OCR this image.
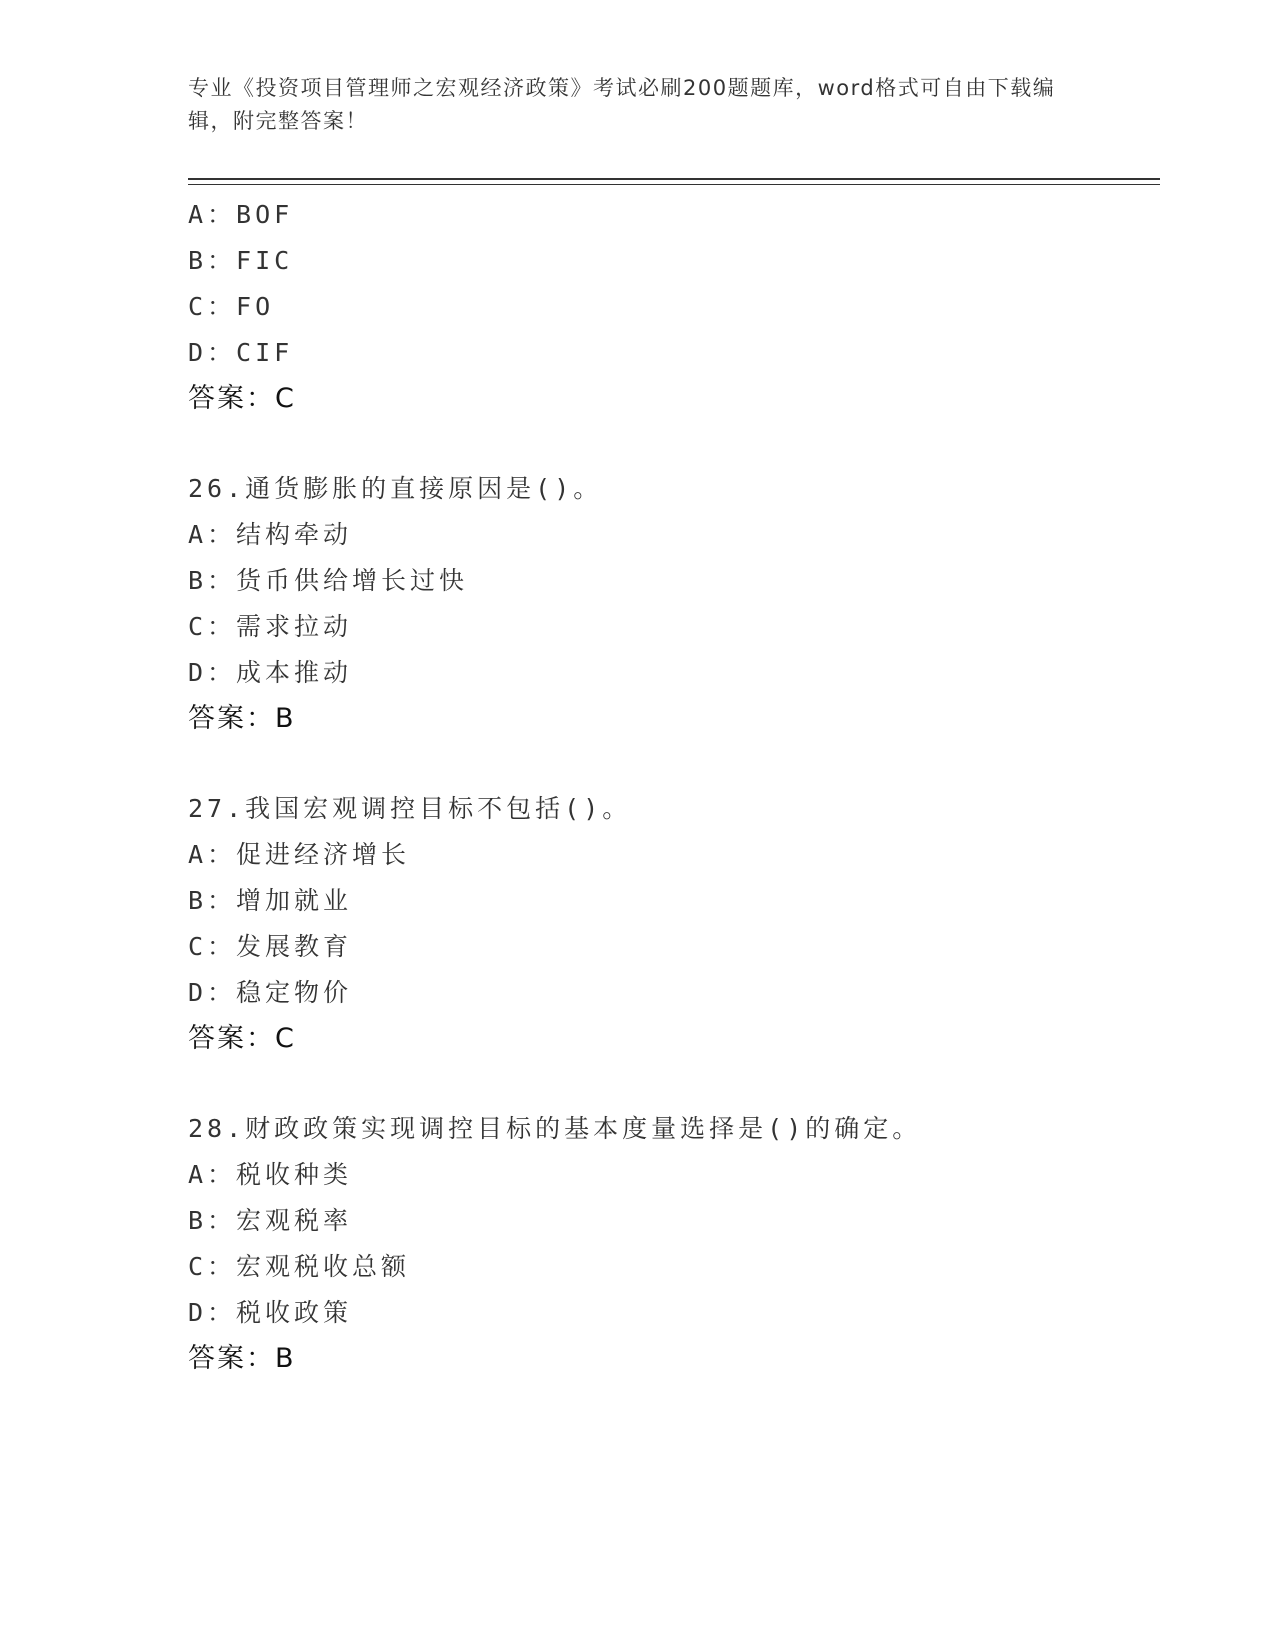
专业《投资项目管理师之宏观经济政策》考试必刷200题题库，word格式可自由下载编辑，附完整答案！
A：BOF
B：FIC
C：FO
D：CIF
答案：C
26.通货膨胀的直接原因是()。
A：结构牵动
B：货币供给增长过快
C：需求拉动
D：成本推动
答案：B
27.我国宏观调控目标不包括()。
A：促进经济增长
B：增加就业
C：发展教育
D：稳定物价
答案：C
28.财政政策实现调控目标的基本度量选择是()的确定。
A：税收种类
B：宏观税率
C：宏观税收总额
D：税收政策
答案：B
